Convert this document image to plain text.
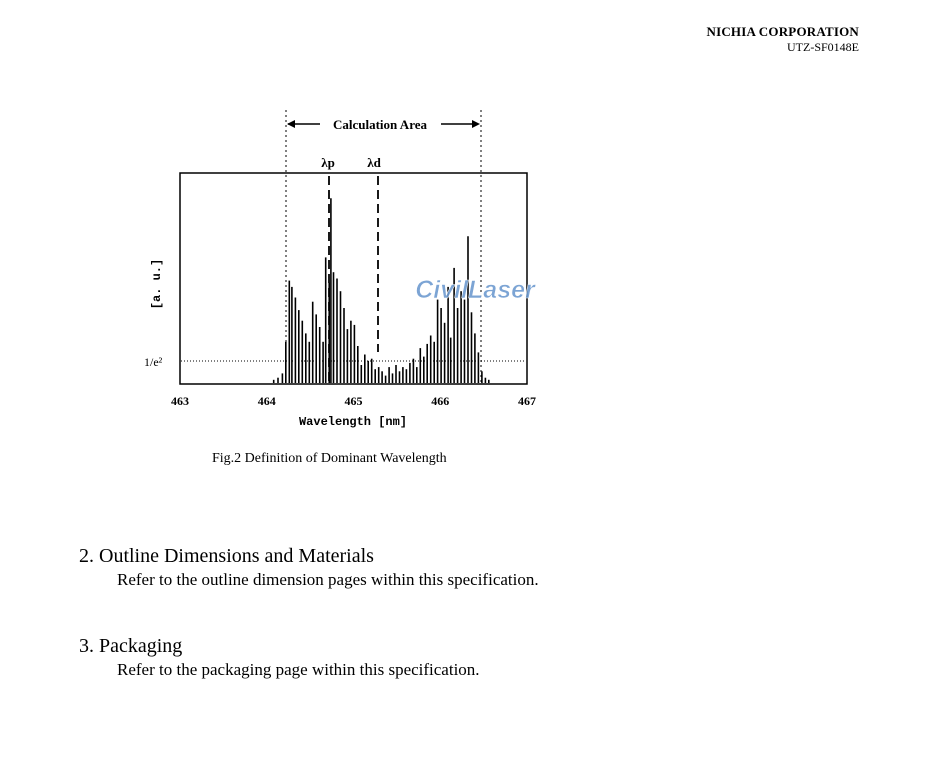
NICHIA CORPORATION
UTZ-SF0148E
Calculation Area
λp λd
1/e²
CivilLaser
[a. u.]
463	464	465	466	467
Wavelength [nm]
Fig.2 Definition of Dominant Wavelength
2. Outline Dimensions and Materials
Refer to the outline dimension pages within this specification.
3. Packaging
Refer to the packaging page within this specification.
